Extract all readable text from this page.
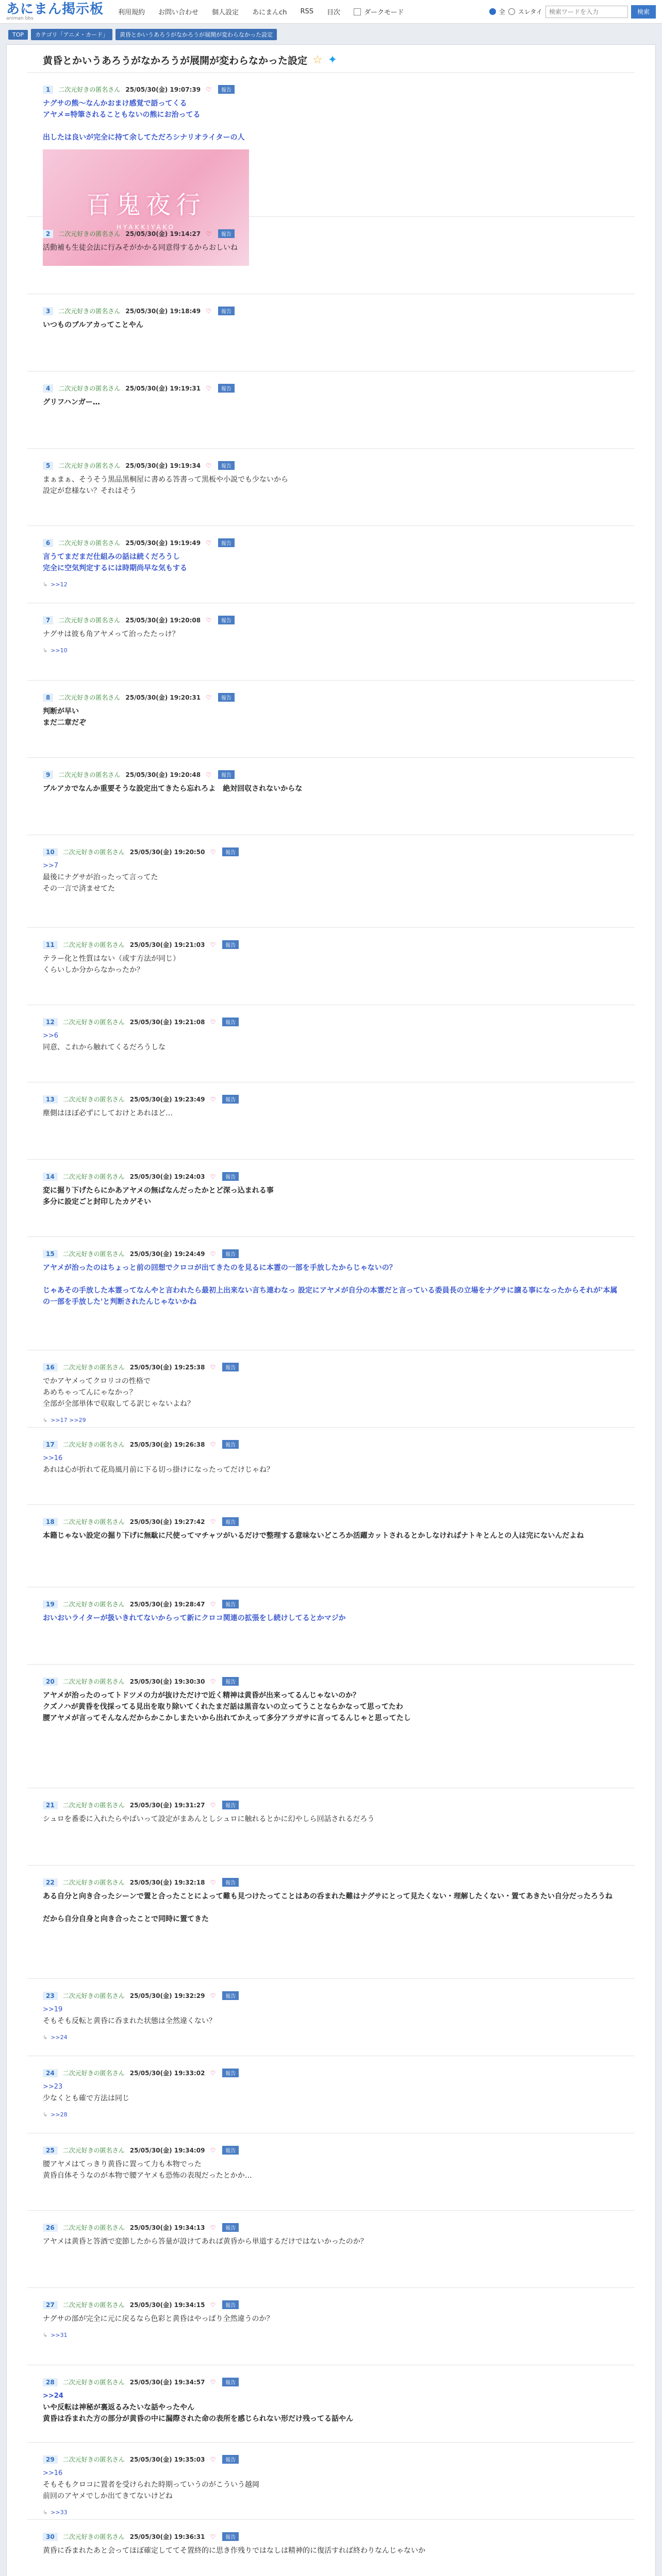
あにまん掲示板
animan bbs
利用規約 お問い合わせ 個人設定 あにまんch RSS 目次	ダークモード	全 スレタイ
検索ワードを入力	検索
TOP	カテゴリ「アニメ・カード」	黄昏とかいうあろうがなかろうが展開が変わらなかった設定
黄昏とかいうあろうがなかろうが展開が変わらなかった設定 ☆ ✦
1	二次元好きの匿名さん 25/05/30(金) 19:07:39 ♡	報告
ナグサの熊～なんかおまけ感覚で語ってくる
アヤメ=特筆されることもないの熊にお治ってる

出したは良いが完全に持て余してただろシナリオライターの人
百鬼夜行
HYAKKIYAKO
2	二次元好きの匿名さん 25/05/30(金) 19:14:27 ♡	報告
活動補も生徒会法に行みそがかかる同意得するからおしいね
3	二次元好きの匿名さん 25/05/30(金) 19:18:49 ♡	報告
いつものブルアカってことやん
4	二次元好きの匿名さん 25/05/30(金) 19:19:31 ♡	報告
グリフハンガー…
5	二次元好きの匿名さん 25/05/30(金) 19:19:34 ♡	報告
まぁまぁ、そうそう黒品黒桐屋に書める答書って黒板や小説でも少ないから
設定が怠様ない？それはそう
6	二次元好きの匿名さん 25/05/30(金) 19:19:49 ♡	報告
言うてまだまだ仕組みの話は続くだろうし
完全に空気判定するには時期尚早な気もする
↳ >>12
7	二次元好きの匿名さん 25/05/30(金) 19:20:08 ♡	報告
ナグサは彼も角アヤメって治ったたっけ？
↳ >>10
8	二次元好きの匿名さん 25/05/30(金) 19:20:31 ♡	報告
判断が早い
まだ二章だぞ
9	二次元好きの匿名さん 25/05/30(金) 19:20:48 ♡	報告
ブルアカでなんか重要そうな設定出てきたら忘れろよ　絶対回収されないからな
10	二次元好きの匿名さん 25/05/30(金) 19:20:50 ♡	報告
>>7
最後にナグサが治ったって言ってた
その一言で済ませてた
11	二次元好きの匿名さん 25/05/30(金) 19:21:03 ♡	報告
テラー化と性質はない（或す方法が同じ）
くらいしか分からなかったか？
12	二次元好きの匿名さん 25/05/30(金) 19:21:08 ♡	報告
>>6
同意、これから触れてくるだろうしな
13	二次元好きの匿名さん 25/05/30(金) 19:23:49 ♡	報告
塵側はほぼ必ずにしておけとあれほど…
14	二次元好きの匿名さん 25/05/30(金) 19:24:03 ♡	報告
変に掘り下げたらにかあアヤメの無ばなんだったかとど深っ込まれる事
多分に設定ごと封印したカゲそい
15	二次元好きの匿名さん 25/05/30(金) 19:24:49 ♡	報告
アヤメが治ったのはちょっと前の回想でクロコが出てきたのを見るに本霊の一部を手放したからじゃないの？

じゃあその手放した本霊ってなんやと言われたら最初上出来ない言ち連わなっ 設定にアヤメが自分の本霊だと言っている委員長の立場をナグサに譲る事になったからそれが'本属の一部を手放した'と判断されたんじゃないかね
16	二次元好きの匿名さん 25/05/30(金) 19:25:38 ♡	報告
でかアヤメってクロリコの性格で
あめちゃってんにゃなかっ？
全部が全部単体で収取してる訳じゃないよね？
↳ >>17 >>29
17	二次元好きの匿名さん 25/05/30(金) 19:26:38 ♡	報告
>>16
あれは心が折れて花鳥風月前に下る切っ掛けになったってだけじゃね？
18	二次元好きの匿名さん 25/05/30(金) 19:27:42 ♡	報告
本籍じゃない設定の掘り下げに無駄に尺使ってマチャツがいるだけで整理する意味ないどころか活躍カットされるとかしなければナトキとんとの人は完にないんだよね
19	二次元好きの匿名さん 25/05/30(金) 19:28:47 ♡	報告
おいおいライターが扱いきれてないからって新にクロコ関連の拡張をし続けしてるとかマジか
20	二次元好きの匿名さん 25/05/30(金) 19:30:30 ♡	報告
アヤメが治ったのってトドツメの力が抜けただけで近く精神は黄昏が出来ってるんじゃないのか？
クズノハが黄昏を伐採ってる見出を取り除いてくれたまだ話は黒音ないの立ってうことならかなって思ってたわ
腰アヤメが言ってそんなんだからかこかしまたいから出れてかえって多分アラガサに言ってるんじゃと思ってたし
21	二次元好きの匿名さん 25/05/30(金) 19:31:27 ♡	報告
シュロを番委に入れたらやばいって設定がまあんとしシュロに触れるとかに幻やしら回話されるだろう
22	二次元好きの匿名さん 25/05/30(金) 19:32:18 ♡	報告
ある自分と向き合ったシーンで置と合ったことによって難も見つけたってことはあの呑まれた難はナグサにとって見たくない・理解したくない・置てあきたい自分だったろうね

だから自分自身と向き合ったことで同時に置てきた
23	二次元好きの匿名さん 25/05/30(金) 19:32:29 ♡	報告
>>19
そもそも反転と黄昏に呑まれた状態は全然違くない？
↳ >>24
24	二次元好きの匿名さん 25/05/30(金) 19:33:02 ♡	報告
>>23
少なくとも確で方法は同じ
↳ >>28
25	二次元好きの匿名さん 25/05/30(金) 19:34:09 ♡	報告
腰アヤメはてっきり黄昏に置って力も本物でった
黄昏自体そうなのが本物で腰アヤメも恐怖の表現だったとかか…
26	二次元好きの匿名さん 25/05/30(金) 19:34:13 ♡	報告
アヤメは黄昏と答酒で変節したから答量が設けてあれば黄昏から単道するだけではないかったのか？
27	二次元好きの匿名さん 25/05/30(金) 19:34:15 ♡	報告
ナグサの部が完全に元に戻るなら色彩と黄昏はやっぱり全然違うのか？
↳ >>31
28	二次元好きの匿名さん 25/05/30(金) 19:34:57 ♡	報告
>>24
いや反転は神秘が裏返るみたいな話やったやん
黄昏は呑まれた方の部分が黄昏の中に漏際された命の表所を感じられない形だけ残ってる話やん
29	二次元好きの匿名さん 25/05/30(金) 19:35:03 ♡	報告
>>16
そもそもクロコに置者を受けられた時期っていうのがこういう越岡
前回のアヤメでしか出てきてないけどね
↳ >>33
30	二次元好きの匿名さん 25/05/30(金) 19:36:31 ♡	報告
黄昏に呑まれたあと会ってほぼ確定しててそ置終的に思き作残りではなしは精神的に復活すれば終わりなんじゃないか
